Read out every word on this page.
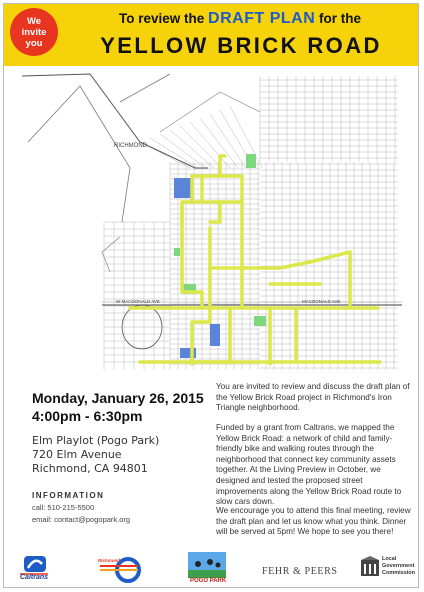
We
invite
you
To review the DRAFT PLAN for the
YELLOW BRICK ROAD
RICHMOND
W MACDONALD AVE	MACDONALD AVE
Monday, January 26, 2015
4:00pm - 6:30pm
Elm Playlot (Pogo Park)
720 Elm Avenue
Richmond, CA 94801
INFORMATION
call: 510-215-5500
email: contact@pogopark.org
You are invited to review and discuss the draft plan of the Yellow Brick Road project in Richmond's Iron Triangle neighborhood.
Funded by a grant from Caltrans, we mapped the Yellow Brick Road: a network of child and family-friendly bike and walking routes through the neighborhood that connect key community assets together. At the Living Preview in October, we designed and tested the proposed street improvements along the Yellow Brick Road route to slow cars down.
We encourage you to attend this final meeting, review the draft plan and let us know what you think. Dinner will be served at 5pm! We hope to see you there!
Caltrans
Richmond
POGO PARK
FEHR & PEERS
Local
Government
Commission
